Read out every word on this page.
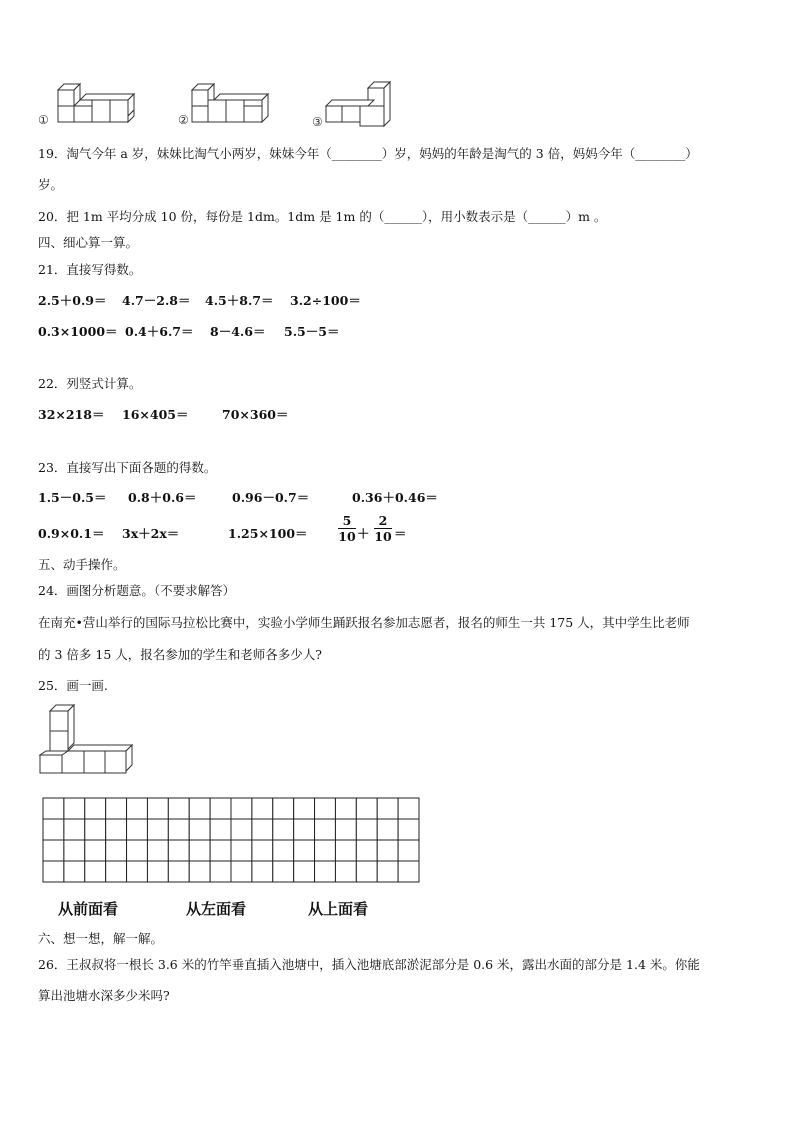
①	②	③
19．淘气今年 a 岁，妹妹比淘气小两岁，妹妹今年（________）岁，妈妈的年龄是淘气的 3 倍，妈妈今年（________）
岁。
20．把 1m 平均分成 10 份，每份是 1dm。1dm 是 1m 的（______），用小数表示是（______）m 。
四、细心算一算。
21．直接写得数。
2.5＋0.9＝ 4.7－2.8＝ 4.5＋8.7＝ 3.2÷100＝
0.3×1000＝ 0.4＋6.7＝ 8－4.6＝ 5.5－5＝
22．列竖式计算。
32×218＝ 16×405＝	70×360＝
23．直接写出下面各题的得数。
1.5－0.5＝ 0.8＋0.6＝	0.96－0.7＝	0.36＋0.46＝
0.9×0.1＝ 3x＋2x＝	1.25×100＝
5
10 ＋
2
10 ＝
五、动手操作。
24．画图分析题意。（不要求解答）
在南充•营山举行的国际马拉松比赛中，实验小学师生踊跃报名参加志愿者，报名的师生一共 175 人，其中学生比老师
的 3 倍多 15 人，报名参加的学生和老师各多少人?
25．画一画.
从前面看	从左面看	从上面看
六、想一想，解一解。
26．王叔叔将一根长 3.6 米的竹竿垂直插入池塘中，插入池塘底部淤泥部分是 0.6 米，露出水面的部分是 1.4 米。你能
算出池塘水深多少米吗?
